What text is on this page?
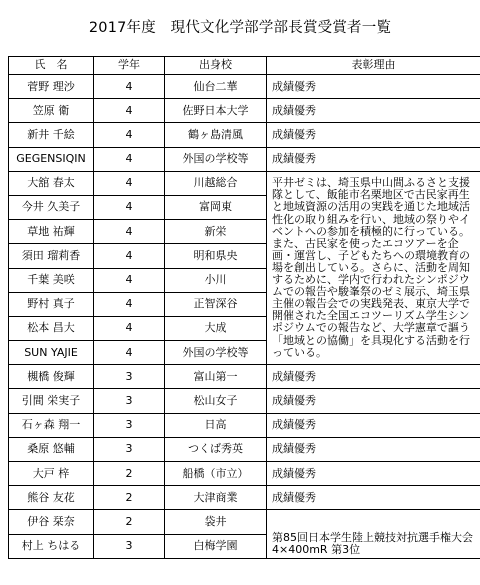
2017年度　現代文化学部学部長賞受賞者一覧
氏　名	学年	出身校	表彰理由
菅野 理沙	4	仙台二華	成績優秀
笠原 衛	4	佐野日本大学	成績優秀
新井 千絵	4	鶴ヶ島清風	成績優秀
GEGENSIQIN	4	外国の学校等	成績優秀
大舘 春太	4	川越総合	平井ゼミは、埼玉県中山間ふるさと支援隊として、飯能市名栗地区で古民家再生と地域資源の活用の実践を通じた地域活性化の取り組みを行い、地域の祭りやイベントへの参加を積極的に行っている。また、古民家を使ったエコツアーを企画・運営し、子どもたちへの環境教育の場を創出している。さらに、活動を周知するために、学内で行われたシンポジウムでの報告や駿峯祭のゼミ展示、埼玉県主催の報告会での実践発表、東京大学で開催された全国エコツーリズム学生シンポジウムでの報告など、大学憲章で謳う「地域との協働」を具現化する活動を行っている。
今井 久美子	4	富岡東	
草地 祐輝	4	新栄	
須田 瑠莉香	4	明和県央	
千葉 美咲	4	小川	
野村 真子	4	正智深谷	
松本 昌大	4	大成	
SUN YAJIE	4	外国の学校等	
槻橋 俊輝	3	富山第一	成績優秀
引間 栄実子	3	松山女子	成績優秀
石ヶ森 翔一	3	日高	成績優秀
桑原 悠輔	3	つくば秀英	成績優秀
大戸 梓	2	船橋（市立）	成績優秀
熊谷 友花	2	大津商業	成績優秀
伊谷 栞奈	2	袋井	第85回日本学生陸上競技対抗選手権大会 4×400mR 第3位
村上 ちはる	3	白梅学園	
